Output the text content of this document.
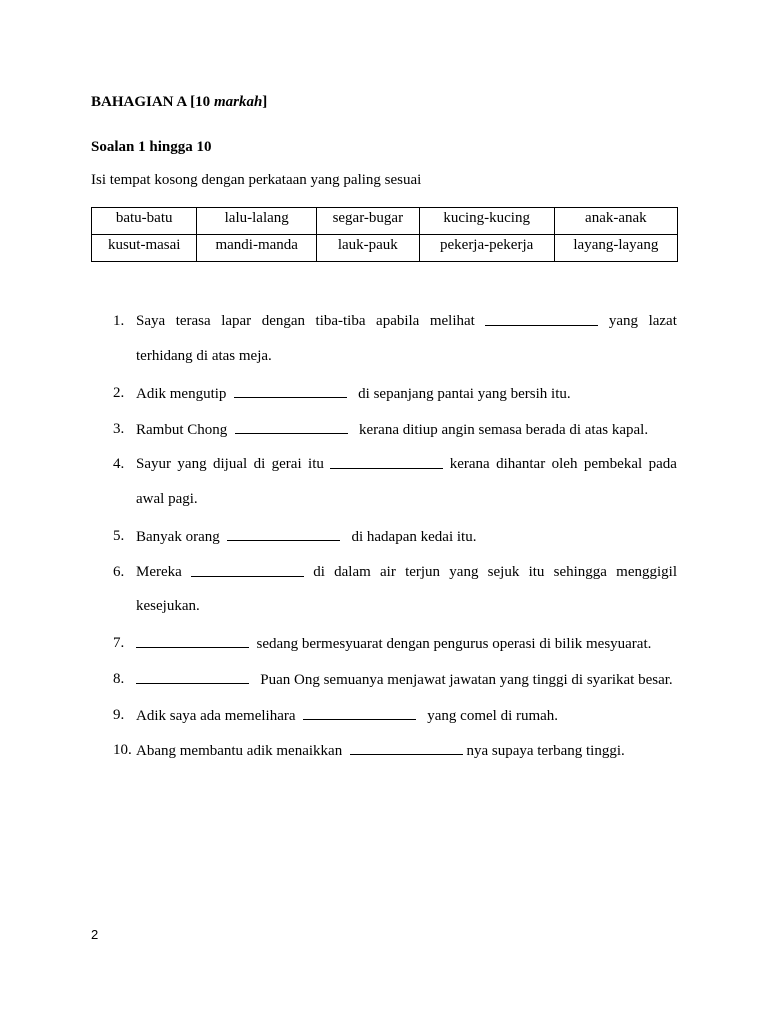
BAHAGIAN A [10 markah]
Soalan 1 hingga 10
Isi tempat kosong dengan perkataan yang paling sesuai
batu-batu	lalu-lalang	segar-bugar	kucing-kucing	anak-anak
kusut-masai	mandi-manda	lauk-pauk	pekerja-pekerja	layang-layang
1. Saya terasa lapar dengan tiba-tiba apabila melihat	yang lazat
terhidang di atas meja.
2. Adik mengutip	di sepanjang pantai yang bersih itu.
3. Rambut Chong	kerana ditiup angin semasa berada di atas kapal.
4. Sayur yang dijual di gerai itu	kerana dihantar oleh pembekal pada
awal pagi.
5. Banyak orang	di hadapan kedai itu.
6. Mereka	di dalam air terjun yang sejuk itu sehingga menggigil
kesejukan.
7.	sedang bermesyuarat dengan pengurus operasi di bilik mesyuarat.
8.	Puan Ong semuanya menjawat jawatan yang tinggi di syarikat besar.
9. Adik saya ada memelihara	yang comel di rumah.
10. Abang membantu adik menaikkan	nya supaya terbang tinggi.
2
